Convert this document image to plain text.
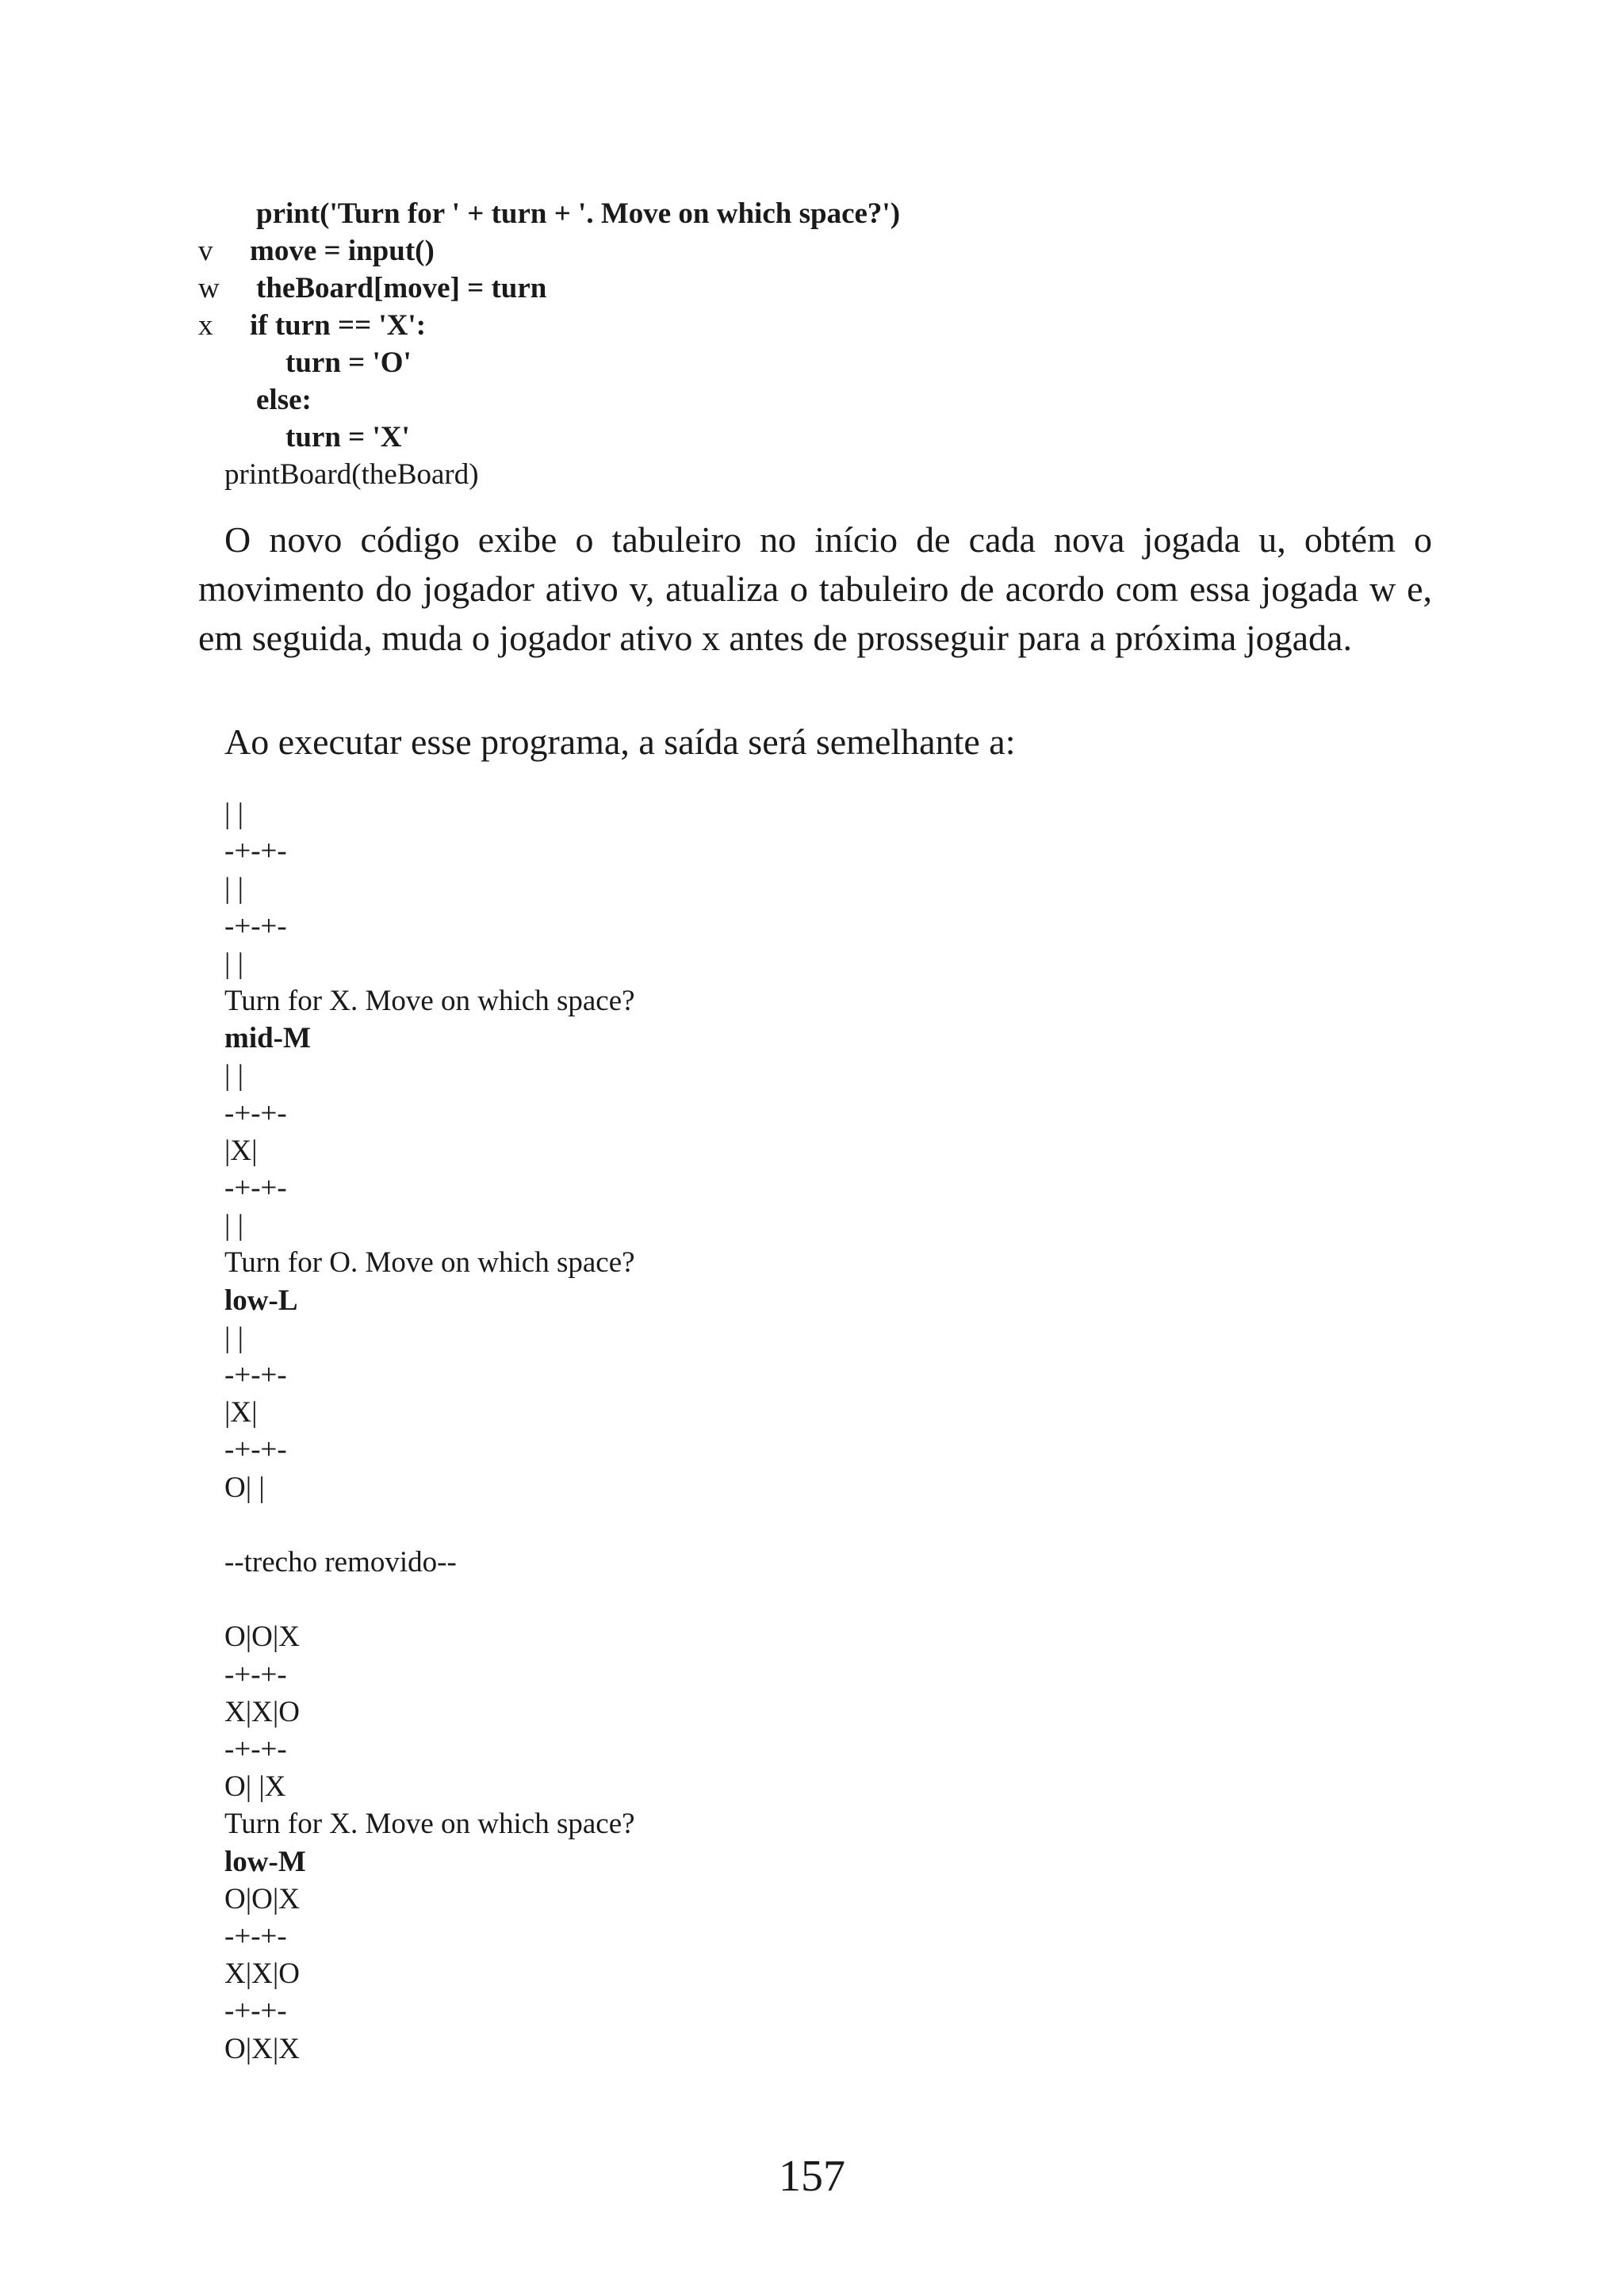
print('Turn for ' + turn + '. Move on which space?')

v

move = input()

w

theBoard[move] = turn

x

if turn == 'X':

turn = 'O'

else:

turn = 'X'

printBoard(theBoard)

O novo código exibe o tabuleiro no início de cada nova jogada u, obtém o movimento do jogador ativo v, atualiza o tabuleiro de acordo com essa jogada w e, em seguida, muda o jogador ativo x antes de prosseguir para a próxima jogada.
Ao executar esse programa, a saída será semelhante a:
| |
-+-+-
| |
-+-+-
| |
Turn for X. Move on which space?
mid-M
| |
-+-+-
|X|
-+-+-
| |
Turn for O. Move on which space?
low-L
| |
-+-+-
|X|
-+-+-
O| |
--trecho removido--
O|O|X
-+-+-
X|X|O
-+-+-
O| |X
Turn for X. Move on which space?
low-M
O|O|X
-+-+-
X|X|O
-+-+-
O|X|X
157
